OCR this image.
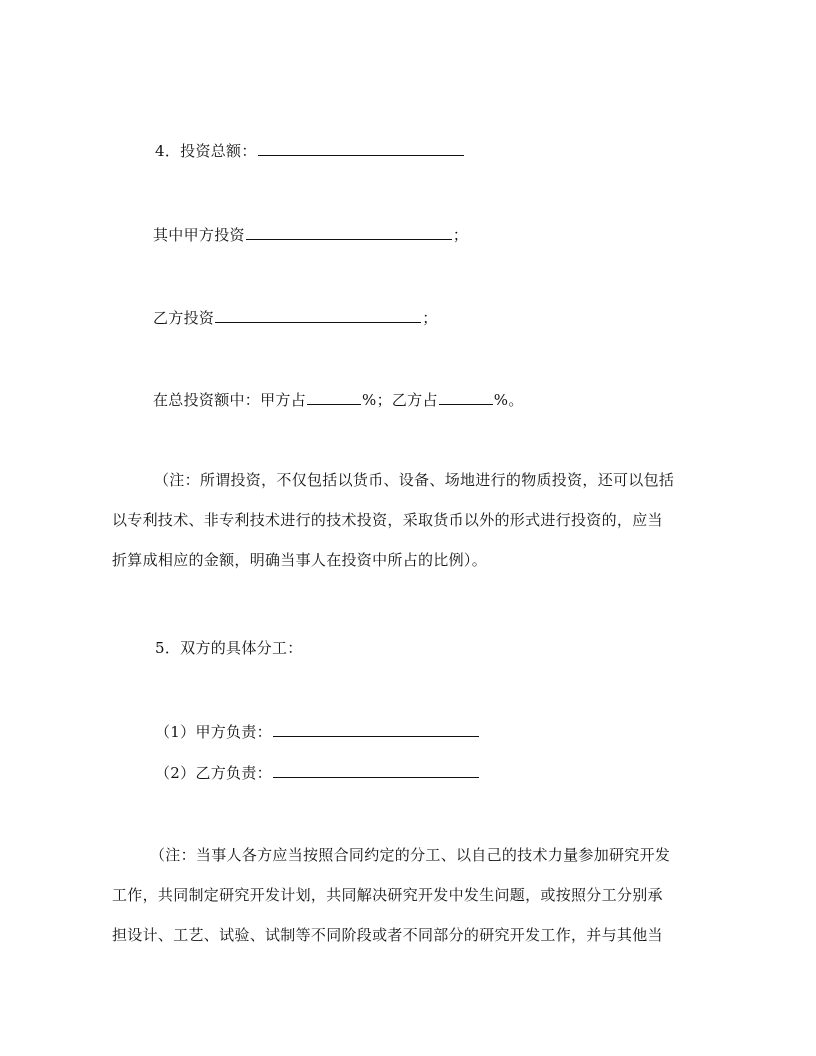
4．投资总额：
其中甲方投资	；
乙方投资	；
在总投资额中：甲方占	%；乙方占	%。
（注：所谓投资，不仅包括以货币、设备、场地进行的物质投资，还可以包括
以专利技术、非专利技术进行的技术投资，采取货币以外的形式进行投资的，应当
折算成相应的金额，明确当事人在投资中所占的比例）。
5．双方的具体分工：
（1）甲方负责：
（2）乙方负责：
（注：当事人各方应当按照合同约定的分工、以自己的技术力量参加研究开发
工作，共同制定研究开发计划，共同解决研究开发中发生问题，或按照分工分别承
担设计、工艺、试验、试制等不同阶段或者不同部分的研究开发工作，并与其他当
